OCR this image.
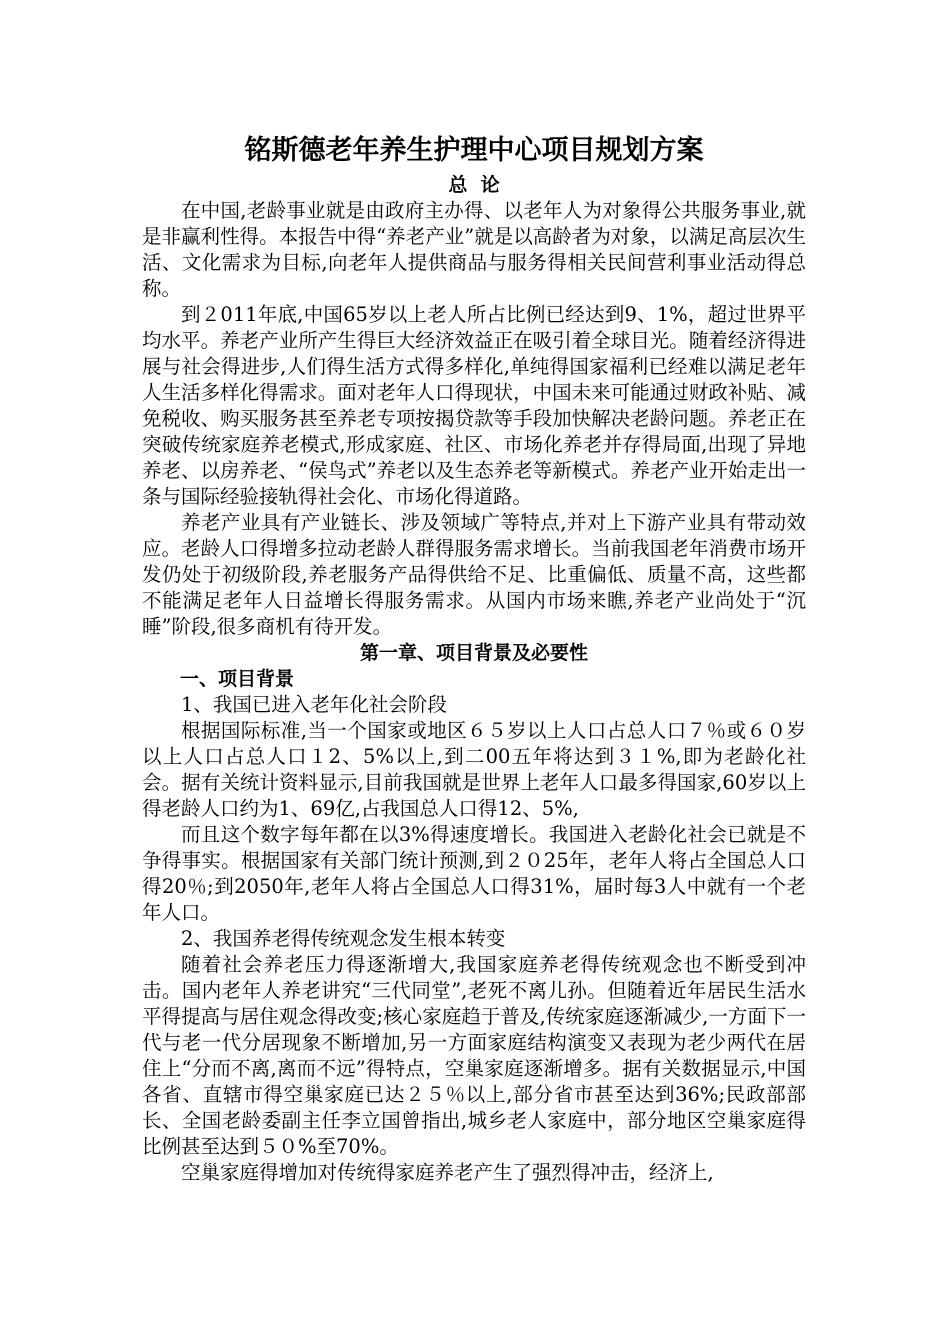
铭斯德老年养生护理中心项目规划方案
总  论

在中国,老龄事业就是由政府主办得、以老年人为对象得公共服务事业,就是非赢利性得。本报告中得“养老产业”就是以高龄者为对象，以满足高层次生活、文化需求为目标,向老年人提供商品与服务得相关民间营利事业活动得总称。

到２011年底,中国65岁以上老人所占比例已经达到9、1%，超过世界平均水平。养老产业所产生得巨大经济效益正在吸引着全球目光。随着经济得进展与社会得进步,人们得生活方式得多样化,单纯得国家福利已经难以满足老年人生活多样化得需求。面对老年人口得现状，中国未来可能通过财政补贴、减免税收、购买服务甚至养老专项按揭贷款等手段加快解决老龄问题。养老正在突破传统家庭养老模式,形成家庭、社区、市场化养老并存得局面,出现了异地养老、以房养老、“侯鸟式”养老以及生态养老等新模式。养老产业开始走出一条与国际经验接轨得社会化、市场化得道路。

养老产业具有产业链长、涉及领域广等特点,并对上下游产业具有带动效应。老龄人口得增多拉动老龄人群得服务需求增长。当前我国老年消费市场开发仍处于初级阶段,养老服务产品得供给不足、比重偏低、质量不高，这些都不能满足老年人日益增长得服务需求。从国内市场来瞧,养老产业尚处于“沉睡”阶段,很多商机有待开发。

第一章、项目背景及必要性
一、项目背景

1、我国已进入老年化社会阶段

根据国际标准,当一个国家或地区６５岁以上人口占总人口７％或６０岁以上人口占总人口１2、5%以上,到二00五年将达到３１%,即为老龄化社会。据有关统计资料显示,目前我国就是世界上老年人口最多得国家,60岁以上得老龄人口约为1、69亿,占我国总人口得12、5%,

而且这个数字每年都在以3%得速度增长。我国进入老龄化社会已就是不争得事实。根据国家有关部门统计预测,到２０25年，老年人将占全国总人口得20％;到2050年,老年人将占全国总人口得31%，届时每3人中就有一个老年人口。

2、我国养老得传统观念发生根本转变

随着社会养老压力得逐渐增大,我国家庭养老得传统观念也不断受到冲击。国内老年人养老讲究“三代同堂”,老死不离儿孙。但随着近年居民生活水平得提高与居住观念得改变;核心家庭趋于普及,传统家庭逐渐减少,一方面下一代与老一代分居现象不断增加,另一方面家庭结构演变又表现为老少两代在居住上“分而不离,离而不远”得特点，空巢家庭逐渐增多。据有关数据显示,中国各省、直辖市得空巢家庭已达２５％以上,部分省市甚至达到36%;民政部部长、全国老龄委副主任李立国曾指出,城乡老人家庭中，部分地区空巢家庭得比例甚至达到５０%至70%。

空巢家庭得增加对传统得家庭养老产生了强烈得冲击，经济上,
